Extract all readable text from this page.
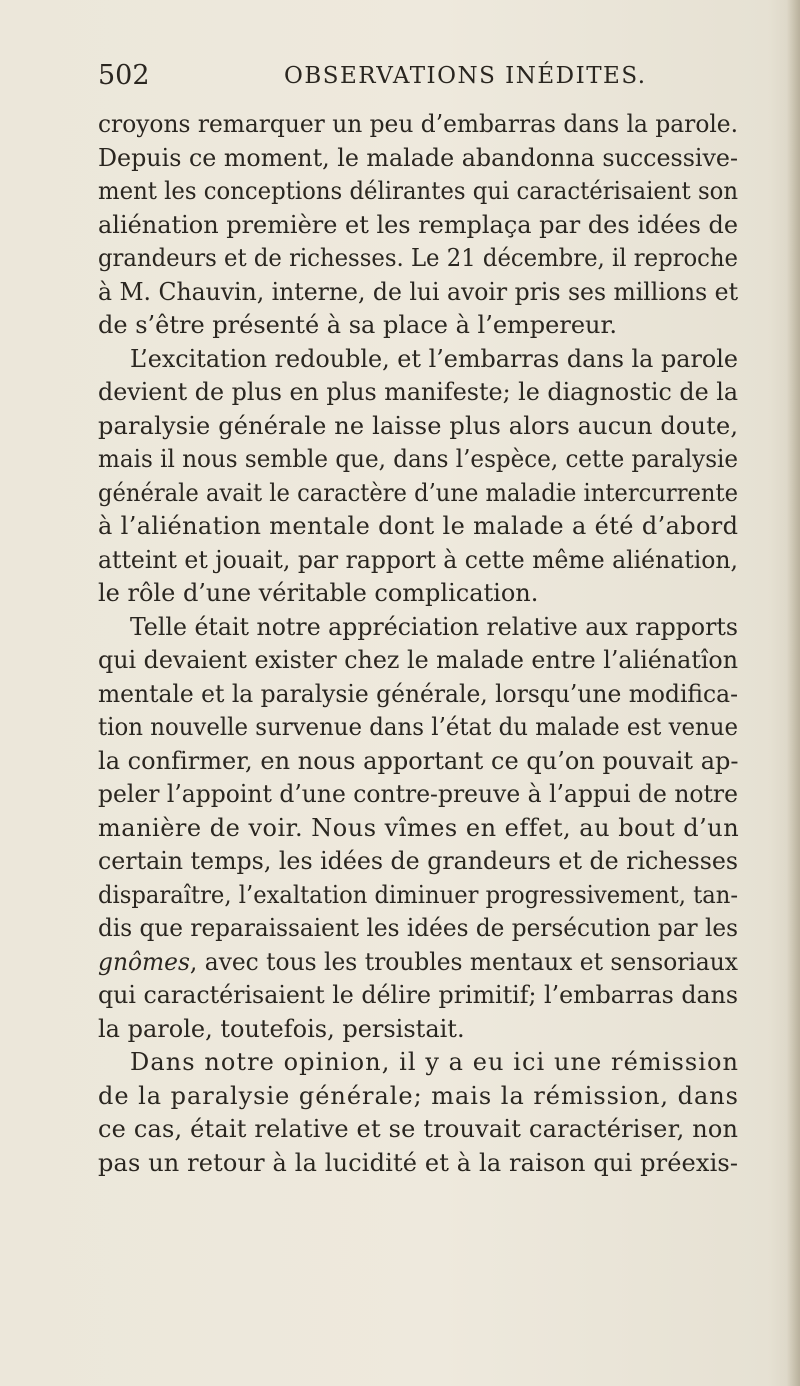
502	OBSERVATIONS INÉDITES.
croyons remarquer un peu d’embarras dans la parole.
Depuis ce moment, le malade abandonna successive-
ment les conceptions délirantes qui caractérisaient son
aliénation première et les remplaça par des idées de
grandeurs et de richesses. Le 21 décembre, il reproche
à M. Chauvin, interne, de lui avoir pris ses millions et
de s’être présenté à sa place à l’empereur.
L’excitation redouble, et l’embarras dans la parole
devient de plus en plus manifeste; le diagnostic de la
paralysie générale ne laisse plus alors aucun doute,
mais il nous semble que, dans l’espèce, cette paralysie
générale avait le caractère d’une maladie intercurrente
à l’aliénation mentale dont le malade a été d’abord
atteint et jouait, par rapport à cette même aliénation,
le rôle d’une véritable complication.
Telle était notre appréciation relative aux rapports
qui devaient exister chez le malade entre l’aliénatîon
mentale et la paralysie générale, lorsqu’une modifica-
tion nouvelle survenue dans l’état du malade est venue
la confirmer, en nous apportant ce qu’on pouvait ap-
peler l’appoint d’une contre-preuve à l’appui de notre
manière de voir. Nous vîmes en effet, au bout d’un
certain temps, les idées de grandeurs et de richesses
disparaître, l’exaltation diminuer progressivement, tan-
dis que reparaissaient les idées de persécution par les
gnômes, avec tous les troubles mentaux et sensoriaux
qui caractérisaient le délire primitif; l’embarras dans
la parole, toutefois, persistait.
Dans notre opinion, il y a eu ici une rémission
de la paralysie générale; mais la rémission, dans
ce cas, était relative et se trouvait caractériser, non
pas un retour à la lucidité et à la raison qui préexis-
